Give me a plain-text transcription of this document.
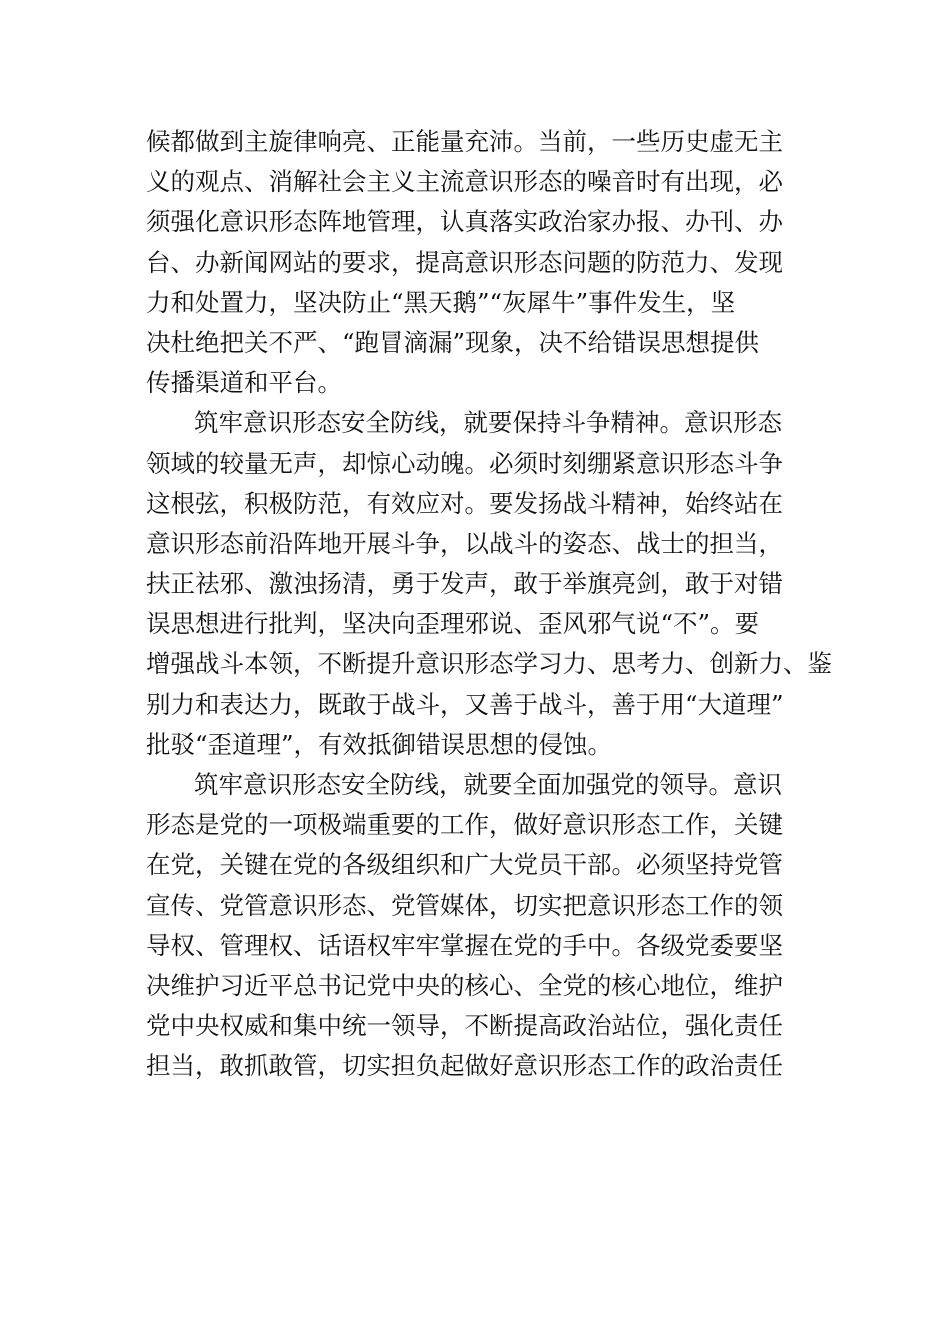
候都做到主旋律响亮、正能量充沛。当前，一些历史虚无主
义的观点、消解社会主义主流意识形态的噪音时有出现，必
须强化意识形态阵地管理，认真落实政治家办报、办刊、办
台、办新闻网站的要求，提高意识形态问题的防范力、发现
力和处置力，坚决防止“黑天鹅”“灰犀牛”事件发生，坚
决杜绝把关不严、“跑冒滴漏”现象，决不给错误思想提供
传播渠道和平台。
筑牢意识形态安全防线，就要保持斗争精神。意识形态
领域的较量无声，却惊心动魄。必须时刻绷紧意识形态斗争
这根弦，积极防范，有效应对。要发扬战斗精神，始终站在
意识形态前沿阵地开展斗争，以战斗的姿态、战士的担当，
扶正祛邪、激浊扬清，勇于发声，敢于举旗亮剑，敢于对错
误思想进行批判，坚决向歪理邪说、歪风邪气说“不”。要
增强战斗本领，不断提升意识形态学习力、思考力、创新力、鉴
别力和表达力，既敢于战斗，又善于战斗，善于用“大道理”
批驳“歪道理”，有效抵御错误思想的侵蚀。
筑牢意识形态安全防线，就要全面加强党的领导。意识
形态是党的一项极端重要的工作，做好意识形态工作，关键
在党，关键在党的各级组织和广大党员干部。必须坚持党管
宣传、党管意识形态、党管媒体，切实把意识形态工作的领
导权、管理权、话语权牢牢掌握在党的手中。各级党委要坚
决维护习近平总书记党中央的核心、全党的核心地位，维护
党中央权威和集中统一领导，不断提高政治站位，强化责任
担当，敢抓敢管，切实担负起做好意识形态工作的政治责任
